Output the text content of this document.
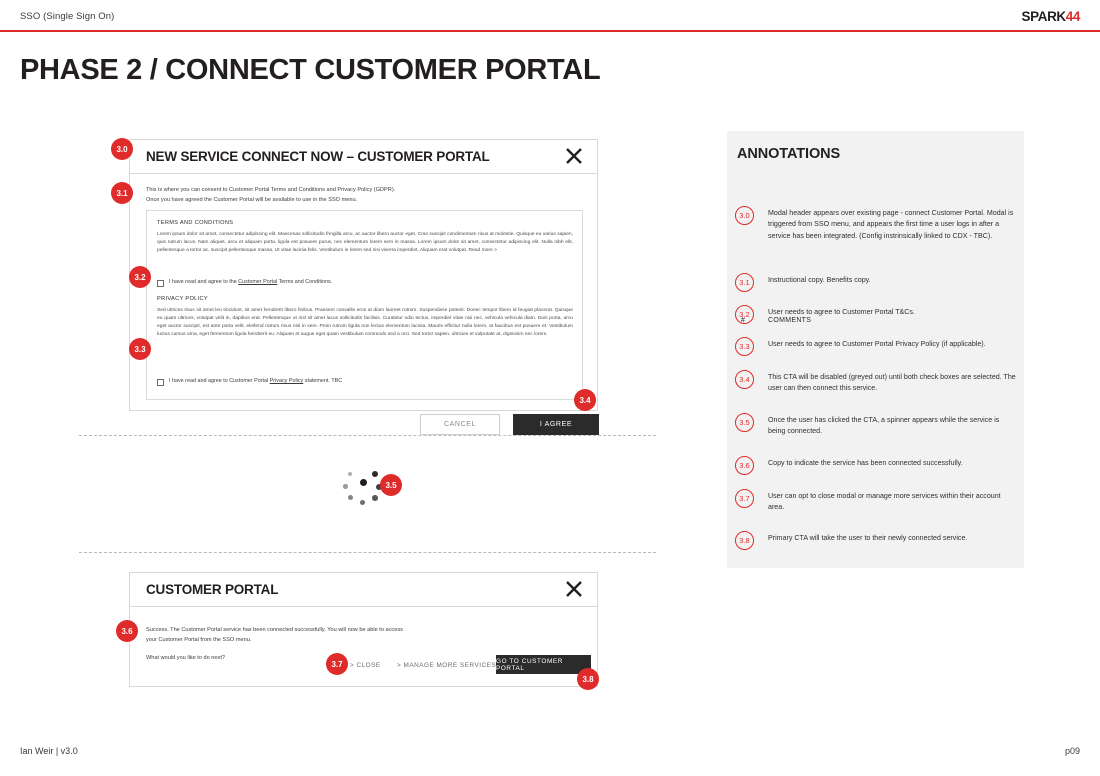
SSO (Single Sign On)	SPARK44
PHASE 2 / CONNECT CUSTOMER PORTAL
NEW SERVICE CONNECT NOW – CUSTOMER PORTAL
This is where you can consent to Customer Portal Terms and Conditions and Privacy Policy (GDPR).
Once you have agreed the Customer Portal will be available to use in the SSO menu.
TERMS AND CONDITIONS
Lorem ipsum dolor sit amet, consectetur adipiscing elit. Maecenas sollicitudin fringilla arcu, ac auctor libero auctor eget. Cras suscipit condimentum risus at molestie. Quisque eu varius sapien, quis rutrum lacus. Nam aliquet, arcu et aliquam porta, ligula est posuere purus, nec elementum lorem sem in massa. Lorem ipsum dolor sit amet, consectetur adipiscing elit. Nulla nibh elit, pellentesque a tortor ac, suscipit pellentesque massa. Ut vitae lacinia felis. Vestibulum in lorem sed nisi viverra imperdiet. Aliquam erat volutpat. Read more >
I have read and agree to the Customer Portal Terms and Conditions.
PRIVACY POLICY
Sed ultrices risus sit amet leo tincidunt, sit amet hendrerit libero finibus. Praesent convallis eros at diam laoreet rutrum. Suspendisse potenti. Donec tempor libero id feugiat placerat. Quisque eu quam ultrices, volutpat velit in, dapibus erat. Pellentesque ut nisl sit amet lacus sollicitudin facilisis. Curabitur odio lectus, imperdiet vitae nisi nec, vehicula vehicula diam. Duis porta, arcu eget auctor suscipit, est ante porta velit, eleifend rutrum risus nisl in sem. Proin rutrum ligula non lectus elementum lacinia. Mauris efficitur nulla lorem, at faucibus est posuere et. Vestibulum luctus cursus urna, eget fermentum ligula hendrerit eu. Aliquam et augue eget quam vestibulum commodo sed a orci. Sed tortor sapien, ultricies et vulputate at, dignissim nec lorem.
I have read and agree to Customer Portal Privacy Policy statement. TBC
CANCEL	I AGREE
3.0
3.1
3.2
3.3
3.4
3.5
CUSTOMER PORTAL
Success. The Customer Portal service has been connected successfully. You will now be able to access
your Customer Portal from the SSO menu.
What would you like to do next?
> CLOSE	> MANAGE MORE SERVICES
GO TO CUSTOMER PORTAL
3.6
3.7
3.8
ANNOTATIONS
#	COMMENTS
3.0	Modal header appears over existing page - connect Customer Portal. Modal is triggered from SSO menu, and appears the first time a user logs in after a service has been integrated. (Config instrinsically linked to CDX - TBC).
3.1	Instructional copy. Benefits copy.
3.2	User needs to agree to Customer Portal T&Cs.
3.3	User needs to agree to Customer Portal Privacy Policy (if applicable).
3.4	This CTA will be disabled (greyed out) until both check boxes are selected. The user can then connect this service.
3.5	Once the user has clicked the CTA, a spinner appears while the service is being connected.
3.6	Copy to indicate the service has been connected successfully.
3.7	User can opt to close modal or manage more services within their account area.
3.8	Primary CTA will take the user to their newly connected service.
Ian Weir | v3.0	p09
